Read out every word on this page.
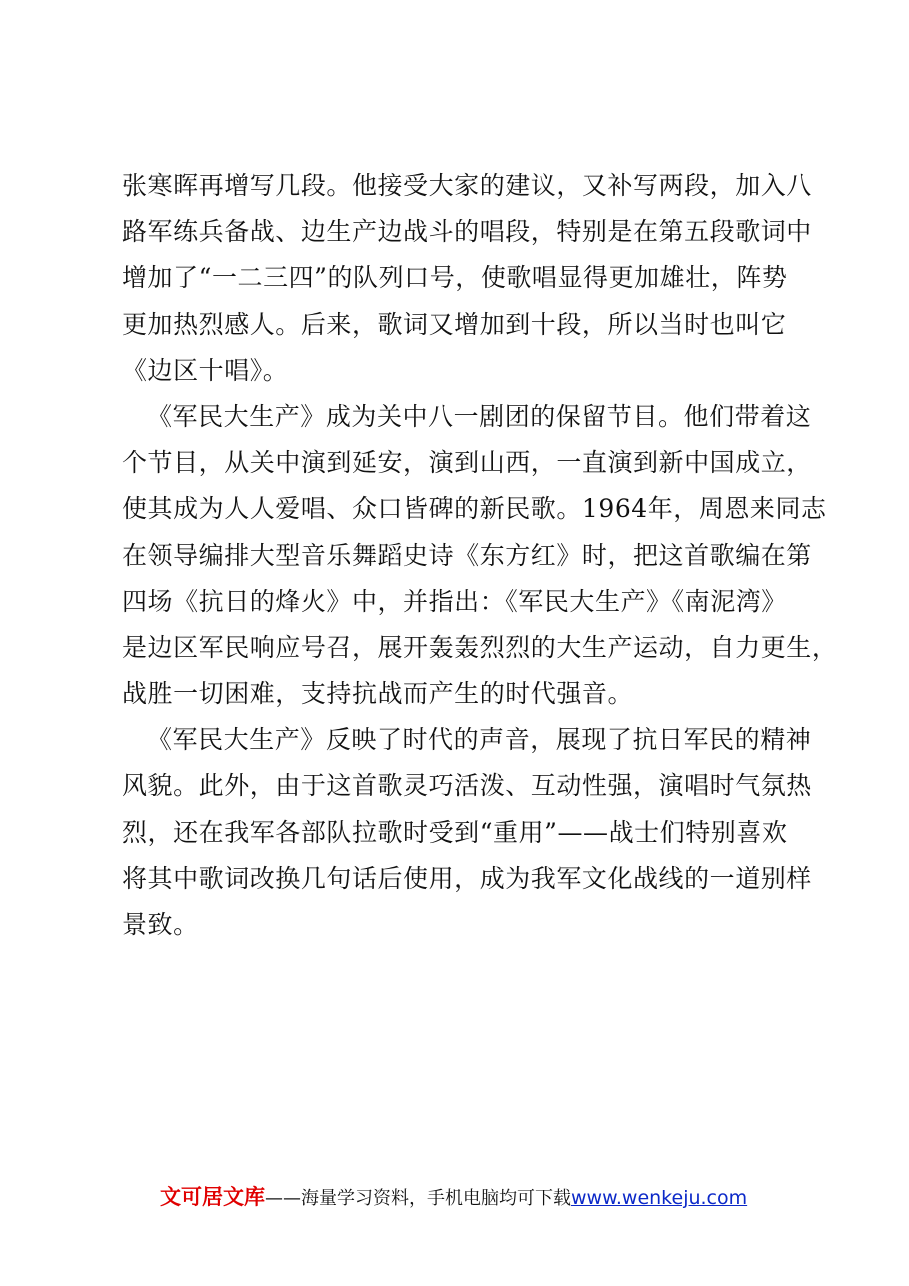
张寒晖再增写几段。他接受大家的建议，又补写两段，加入八
路军练兵备战、边生产边战斗的唱段，特别是在第五段歌词中
增加了“一二三四”的队列口号，使歌唱显得更加雄壮，阵势
更加热烈感人。后来，歌词又增加到十段，所以当时也叫它
《边区十唱》。
《军民大生产》成为关中八一剧团的保留节目。他们带着这
个节目，从关中演到延安，演到山西，一直演到新中国成立，
使其成为人人爱唱、众口皆碑的新民歌。1964年，周恩来同志
在领导编排大型音乐舞蹈史诗《东方红》时，把这首歌编在第
四场《抗日的烽火》中，并指出：《军民大生产》《南泥湾》
是边区军民响应号召，展开轰轰烈烈的大生产运动，自力更生，
战胜一切困难，支持抗战而产生的时代强音。
《军民大生产》反映了时代的声音，展现了抗日军民的精神
风貌。此外，由于这首歌灵巧活泼、互动性强，演唱时气氛热
烈，还在我军各部队拉歌时受到“重用”——战士们特别喜欢
将其中歌词改换几句话后使用，成为我军文化战线的一道别样
景致。
文可居文库——海量学习资料，手机电脑均可下载www.wenkeju.com
